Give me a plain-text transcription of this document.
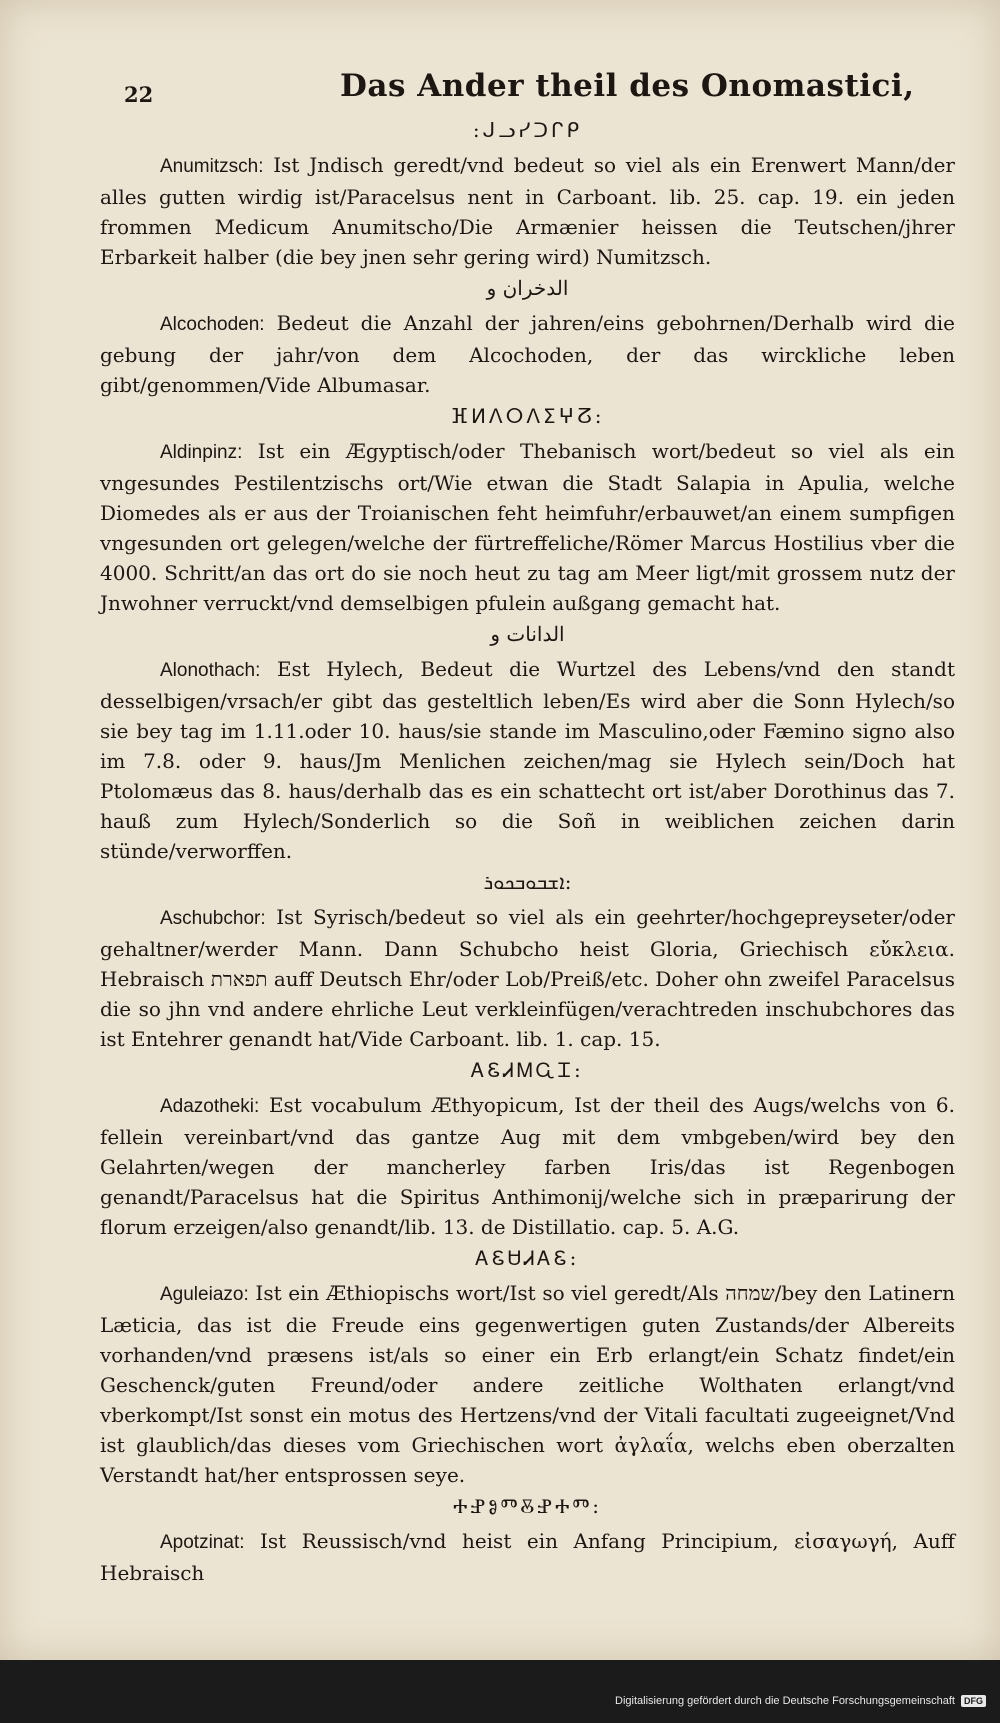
22	Das Ander theil des Onomastici,
:ᒍᓗᓯᑐᒋᑭ

Anumitzsch: Ist Jndisch geredt/vnd bedeut so viel als ein Erenwert Mann/der alles gutten wirdig ist/Paracelsus nent in Carboant. lib. 25. cap. 19. ein jeden frommen Medicum Anumitscho/Die Armænier heissen die Teutschen/jhrer Erbarkeit halber (die bey jnen sehr gering wird) Numitzsch.

ﺍﻟﺪﺧﺮﺍﻥ ﻭ

Alcochoden: Bedeut die Anzahl der jahren/eins gebohrnen/Derhalb wird die gebung der jahr/von dem Alcochoden, der das wirckliche leben gibt/genommen/Vide Albumasar.

ⴼⵍⴷⵔⴷⵉⵖⵒ:

Aldinpinz: Ist ein Ægyptisch/oder Thebanisch wort/bedeut so viel als ein vngesundes Pestilentzischs ort/Wie etwan die Stadt Salapia in Apulia, welche Diomedes als er aus der Troianischen feht heimfuhr/erbauwet/an einem sumpfigen vngesunden ort gelegen/welche der fürtreffeliche/Römer Marcus Hostilius vber die 4000. Schritt/an das ort do sie noch heut zu tag am Meer ligt/mit grossem nutz der Jnwohner verruckt/vnd demselbigen pfulein außgang gemacht hat.

ﺍﻟﺪﺍﻧﺎﺕ ﻭ

Alonothach: Est Hylech, Bedeut die Wurtzel des Lebens/vnd den standt desselbigen/vrsach/er gibt das gesteltlich leben/Es wird aber die Sonn Hylech/so sie bey tag im 1.11.oder 10. haus/sie stande im Masculino,oder Fæmino signo also im 7.8. oder 9. haus/Jm Menlichen zeichen/mag sie Hylech sein/Doch hat Ptolomæus das 8. haus/derhalb das es ein schattecht ort ist/aber Dorothinus das 7. hauß zum Hylech/Sonderlich so die Soñ in weiblichen zeichen darin stünde/verworffen.

ܐܫܒܘܒܟܘܪ:

Aschubchor: Ist Syrisch/bedeut so viel als ein geehrter/hochgepreyseter/oder gehaltner/werder Mann. Dann Schubcho heist Gloria, Griechisch εὔκλεια. Hebraisch תפארת auff Deutsch Ehr/oder Lob/Preiß/etc. Doher ohn zweifel Paracelsus die so jhn vnd andere ehrliche Leut verkleinfügen/verachtreden inschubchores das ist Entehrer genandt hat/Vide Carboant. lib. 1. cap. 15.

ᎪᏋᏗᎷᏩᏆ:

Adazotheki: Est vocabulum Æthyopicum, Ist der theil des Augs/welchs von 6. fellein vereinbart/vnd das gantze Aug mit dem vmbgeben/wird bey den Gelahrten/wegen der mancherley farben Iris/das ist Regenbogen genandt/Paracelsus hat die Spiritus Anthimonij/welche sich in præparirung der florum erzeigen/also genandt/lib. 13. de Distillatio. cap. 5. A.G.

ᎪᏋᏌᏗᎪᏋ:

Aguleiazo: Ist ein Æthiopischs wort/Ist so viel geredt/Als שמחה/bey den Latinern Læticia, das ist die Freude eins gegenwertigen guten Zustands/der Albereits vorhanden/vnd præsens ist/als so einer ein Erb erlangt/ein Schatz findet/ein Geschenck/guten Freund/oder andere zeitliche Wolthaten erlangt/vnd vberkompt/Ist sonst ein motus des Hertzens/vnd der Vitali facultati zugeeignet/Vnd ist glaublich/das dieses vom Griechischen wort ἀγλαΐα, welchs eben oberzalten Verstandt hat/her entsprossen seye.

ⰀⰐⰑⰕⰋⰐⰀⰕ:

Apotzinat: Ist Reussisch/vnd heist ein Anfang Principium, εἰσαγωγή, Auff Hebraisch

Digitalisierung gefördert durch die Deutsche Forschungsgemeinschaft	DFG
